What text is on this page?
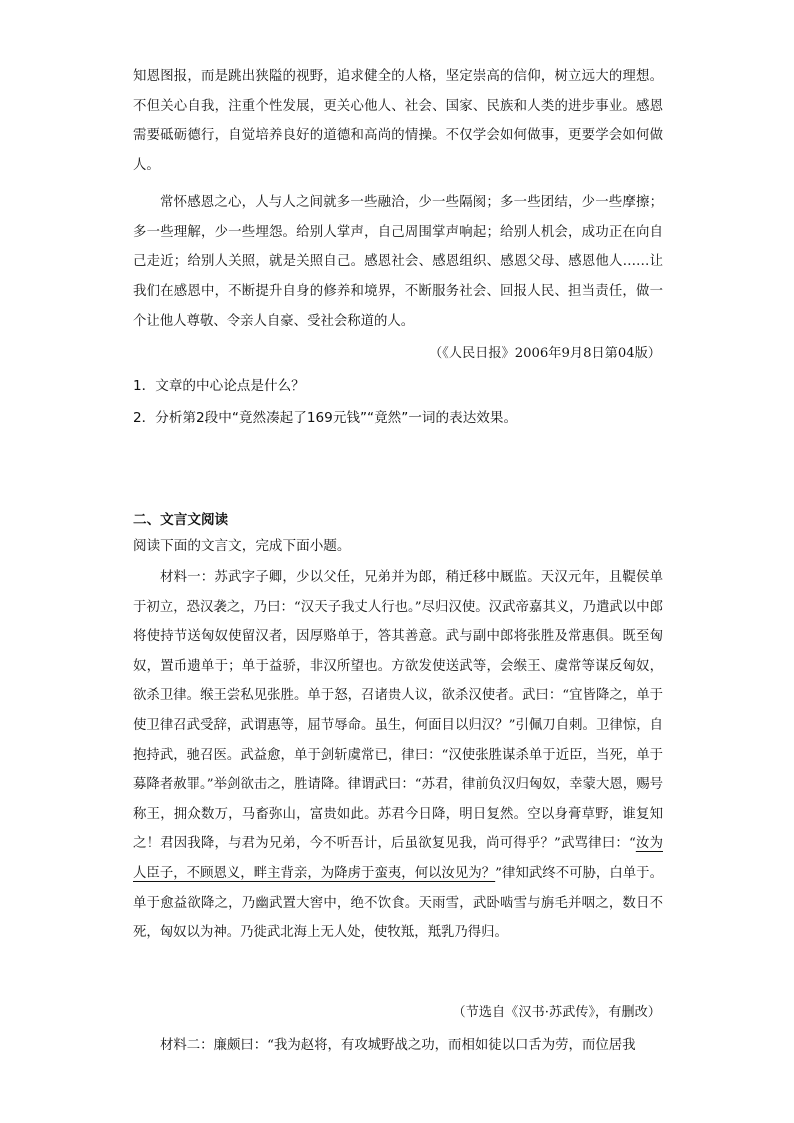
知恩图报，而是跳出狭隘的视野，追求健全的人格，坚定崇高的信仰，树立远大的理想。不但关心自我，注重个性发展，更关心他人、社会、国家、民族和人类的进步事业。感恩需要砥砺德行，自觉培养良好的道德和高尚的情操。不仅学会如何做事，更要学会如何做人。
常怀感恩之心，人与人之间就多一些融洽，少一些隔阂；多一些团结，少一些摩擦；多一些理解，少一些埋怨。给别人掌声，自己周围掌声响起；给别人机会，成功正在向自己走近；给别人关照，就是关照自己。感恩社会、感恩组织、感恩父母、感恩他人……让我们在感恩中，不断提升自身的修养和境界，不断服务社会、回报人民、担当责任，做一个让他人尊敬、令亲人自豪、受社会称道的人。
（《人民日报》2006年9月8日第04版）
1．文章的中心论点是什么？
2．分析第2段中“竟然凑起了169元钱”“竟然”一词的表达效果。
二、文言文阅读
阅读下面的文言文，完成下面小题。
材料一：苏武字子卿，少以父任，兄弟并为郎，稍迁移中厩监。天汉元年，且鞮侯单于初立，恐汉袭之，乃曰：“汉天子我丈人行也。”尽归汉使。汉武帝嘉其义，乃遣武以中郎将使持节送匈奴使留汉者，因厚赂单于，答其善意。武与副中郎将张胜及常惠俱。既至匈奴，置币遗单于；单于益骄，非汉所望也。方欲发使送武等，会缑王、虞常等谋反匈奴，欲杀卫律。缑王尝私见张胜。单于怒，召诸贵人议，欲杀汉使者。武曰：“宜皆降之，单于使卫律召武受辞，武谓惠等，屈节辱命。虽生，何面目以归汉？”引佩刀自刺。卫律惊，自抱持武，驰召医。武益愈，单于剑斩虞常已，律曰：“汉使张胜谋杀单于近臣，当死，单于募降者赦罪。”举剑欲击之，胜请降。律谓武曰：“苏君，律前负汉归匈奴，幸蒙大恩，赐号称王，拥众数万，马畜弥山，富贵如此。苏君今日降，明日复然。空以身膏草野，谁复知之！君因我降，与君为兄弟，今不听吾计，后虽欲复见我，尚可得乎？”武骂律曰：“汝为人臣子，不顾恩义，畔主背亲，为降虏于蛮夷，何以汝见为？”律知武终不可胁，白单于。单于愈益欲降之，乃幽武置大窖中，绝不饮食。天雨雪，武卧啮雪与旃毛并咽之，数日不死，匈奴以为神。乃徙武北海上无人处，使牧羝，羝乳乃得归。
（节选自《汉书·苏武传》，有删改）
材料二：廉颇曰：“我为赵将，有攻城野战之功，而相如徒以口舌为劳，而位居我
